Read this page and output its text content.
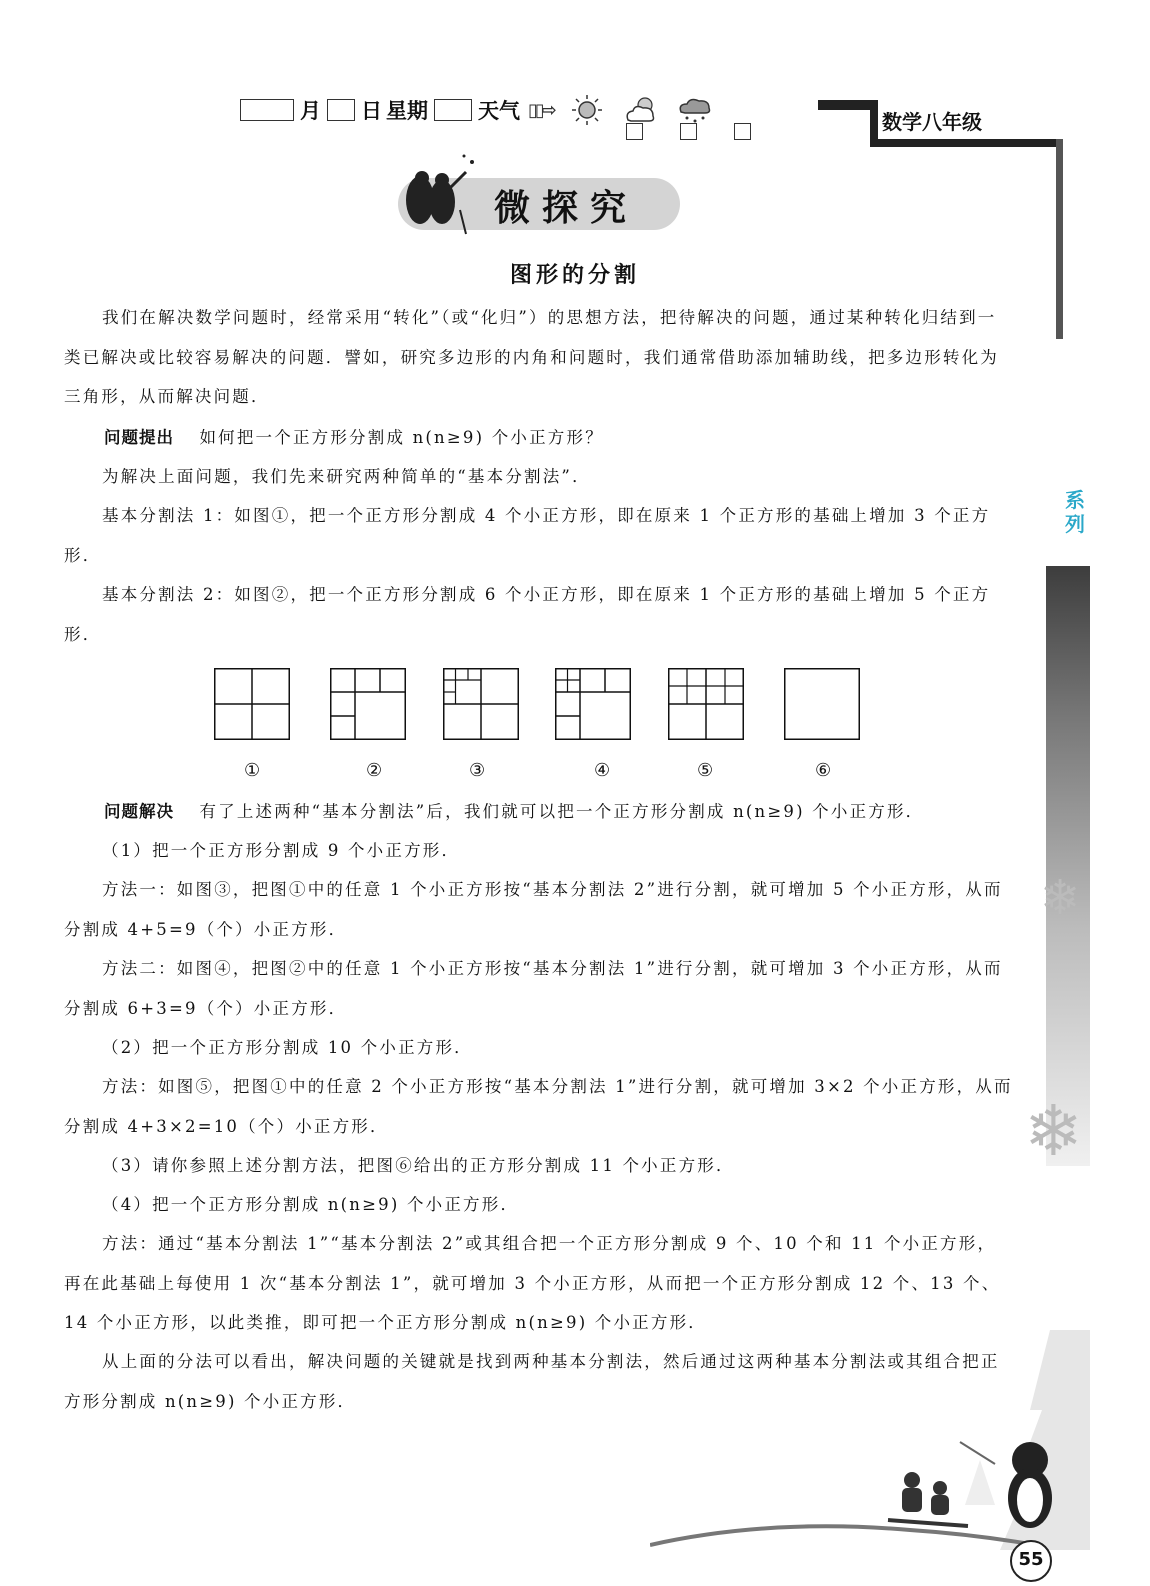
月 日 星期 天气 ▯▯⇨	数学八年级
微探究
图形的分割
我们在解决数学问题时，经常采用“转化”（或“化归”）的思想方法，把待解决的问题，通过某种转化归结到一类已解决或比较容易解决的问题．譬如，研究多边形的内角和问题时，我们通常借助添加辅助线，把多边形转化为三角形，从而解决问题．
问题提出 如何把一个正方形分割成 n(n≥9) 个小正方形？
为解决上面问题，我们先来研究两种简单的“基本分割法”．
基本分割法 1：如图①，把一个正方形分割成 4 个小正方形，即在原来 1 个正方形的基础上增加 3 个正方形．
基本分割法 2：如图②，把一个正方形分割成 6 个小正方形，即在原来 1 个正方形的基础上增加 5 个正方形．
①	②	③	④	⑤	⑥
问题解决 有了上述两种“基本分割法”后，我们就可以把一个正方形分割成 n(n≥9) 个小正方形．
（1）把一个正方形分割成 9 个小正方形．
方法一：如图③，把图①中的任意 1 个小正方形按“基本分割法 2”进行分割，就可增加 5 个小正方形，从而分割成 4+5=9（个）小正方形．
方法二：如图④，把图②中的任意 1 个小正方形按“基本分割法 1”进行分割，就可增加 3 个小正方形，从而分割成 6+3=9（个）小正方形．
（2）把一个正方形分割成 10 个小正方形．
方法：如图⑤，把图①中的任意 2 个小正方形按“基本分割法 1”进行分割，就可增加 3×2 个小正方形，从而分割成 4+3×2=10（个）小正方形．
（3）请你参照上述分割方法，把图⑥给出的正方形分割成 11 个小正方形．
（4）把一个正方形分割成 n(n≥9) 个小正方形．
方法：通过“基本分割法 1”“基本分割法 2”或其组合把一个正方形分割成 9 个、10 个和 11 个小正方形，再在此基础上每使用 1 次“基本分割法 1”，就可增加 3 个小正方形，从而把一个正方形分割成 12 个、13 个、14 个小正方形，以此类推，即可把一个正方形分割成 n(n≥9) 个小正方形．
从上面的分法可以看出，解决问题的关键就是找到两种基本分割法，然后通过这两种基本分割法或其组合把正方形分割成 n(n≥9) 个小正方形．
系列
❄
❄
55
